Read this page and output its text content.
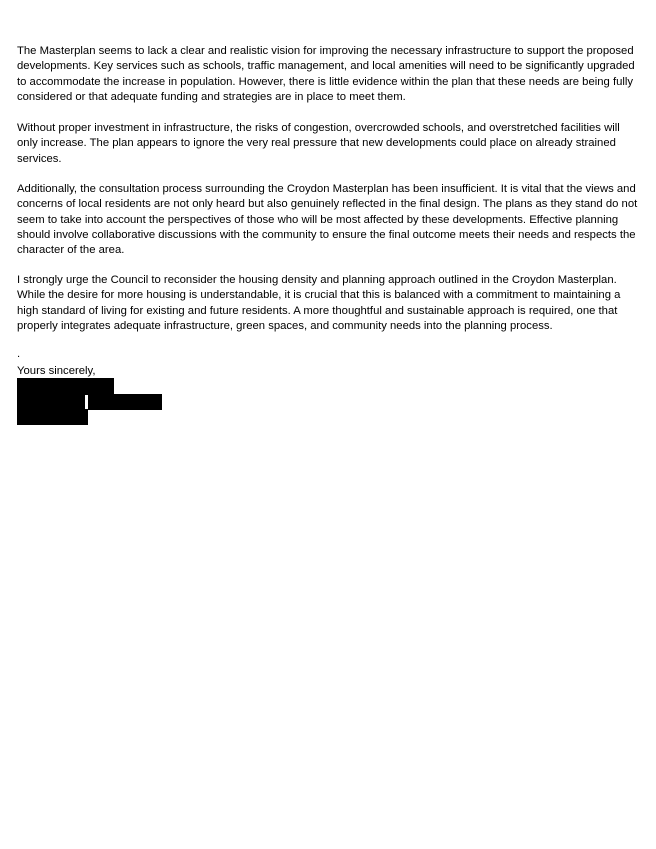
The Masterplan seems to lack a clear and realistic vision for improving the necessary infrastructure to support the proposed developments. Key services such as schools, traffic management, and local amenities will need to be significantly upgraded to accommodate the increase in population. However, there is little evidence within the plan that these needs are being fully considered or that adequate funding and strategies are in place to meet them.

Without proper investment in infrastructure, the risks of congestion, overcrowded schools, and overstretched facilities will only increase. The plan appears to ignore the very real pressure that new developments could place on already strained services.

Additionally, the consultation process surrounding the Croydon Masterplan has been insufficient. It is vital that the views and concerns of local residents are not only heard but also genuinely reflected in the final design. The plans as they stand do not seem to take into account the perspectives of those who will be most affected by these developments. Effective planning should involve collaborative discussions with the community to ensure the final outcome meets their needs and respects the character of the area.

I strongly urge the Council to reconsider the housing density and planning approach outlined in the Croydon Masterplan. While the desire for more housing is understandable, it is crucial that this is balanced with a commitment to maintaining a high standard of living for existing and future residents. A more thoughtful and sustainable approach is required, one that properly integrates adequate infrastructure, green spaces, and community needs into the planning process.

.
Yours sincerely,
